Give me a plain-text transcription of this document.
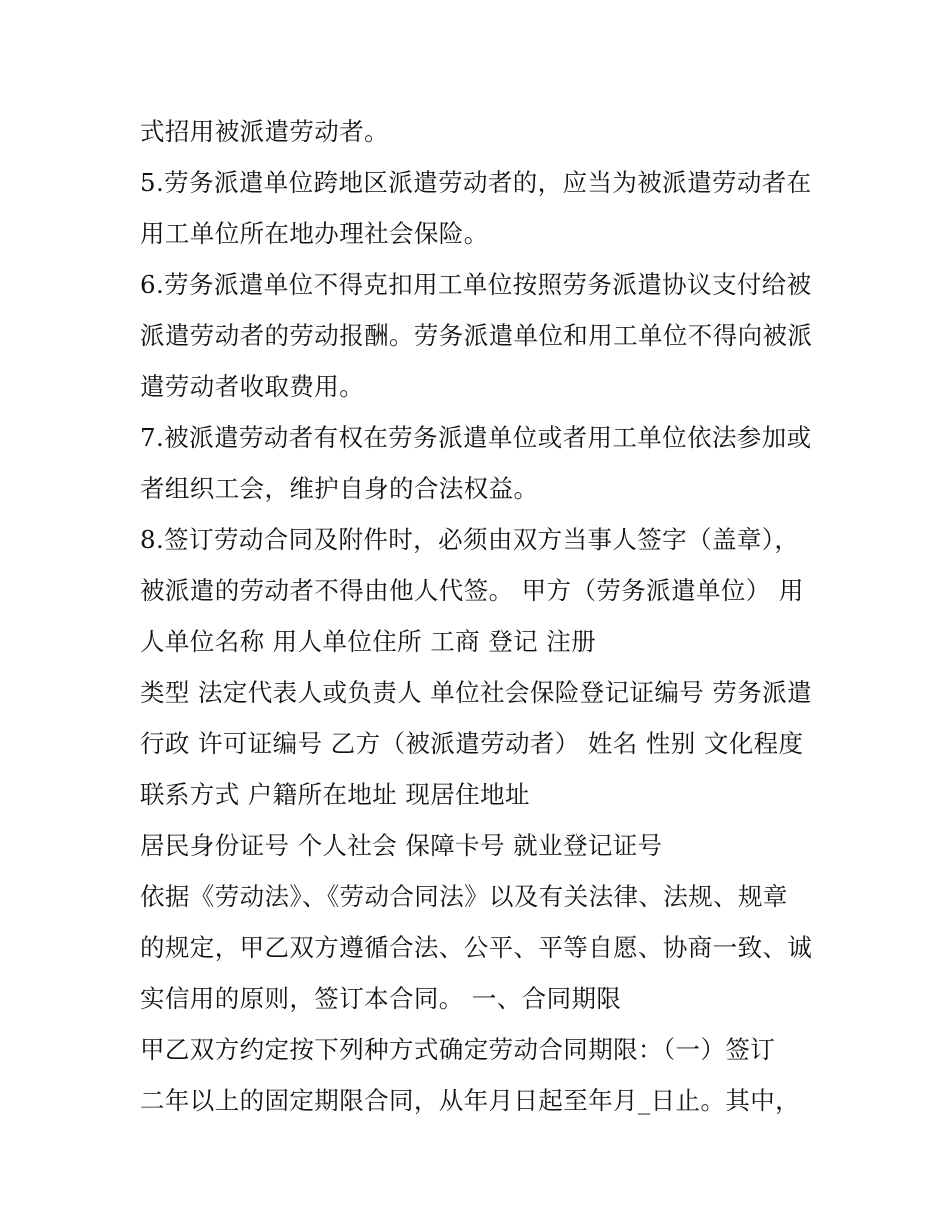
式招用被派遣劳动者。
5.劳务派遣单位跨地区派遣劳动者的，应当为被派遣劳动者在
用工单位所在地办理社会保险。
6.劳务派遣单位不得克扣用工单位按照劳务派遣协议支付给被
派遣劳动者的劳动报酬。劳务派遣单位和用工单位不得向被派
遣劳动者收取费用。
7.被派遣劳动者有权在劳务派遣单位或者用工单位依法参加或
者组织工会，维护自身的合法权益。
8.签订劳动合同及附件时，必须由双方当事人签字（盖章），
被派遣的劳动者不得由他人代签。 甲方（劳务派遣单位） 用
人单位名称 用人单位住所 工商 登记 注册
类型 法定代表人或负责人 单位社会保险登记证编号 劳务派遣
行政 许可证编号 乙方（被派遣劳动者） 姓名 性别 文化程度
联系方式 户籍所在地址 现居住地址
居民身份证号 个人社会 保障卡号 就业登记证号
依据《劳动法》、《劳动合同法》以及有关法律、法规、规章
的规定，甲乙双方遵循合法、公平、平等自愿、协商一致、诚
实信用的原则，签订本合同。 一、合同期限
甲乙双方约定按下列种方式确定劳动合同期限：（一）签订
二年以上的固定期限合同，从年月日起至年月_日止。其中，
